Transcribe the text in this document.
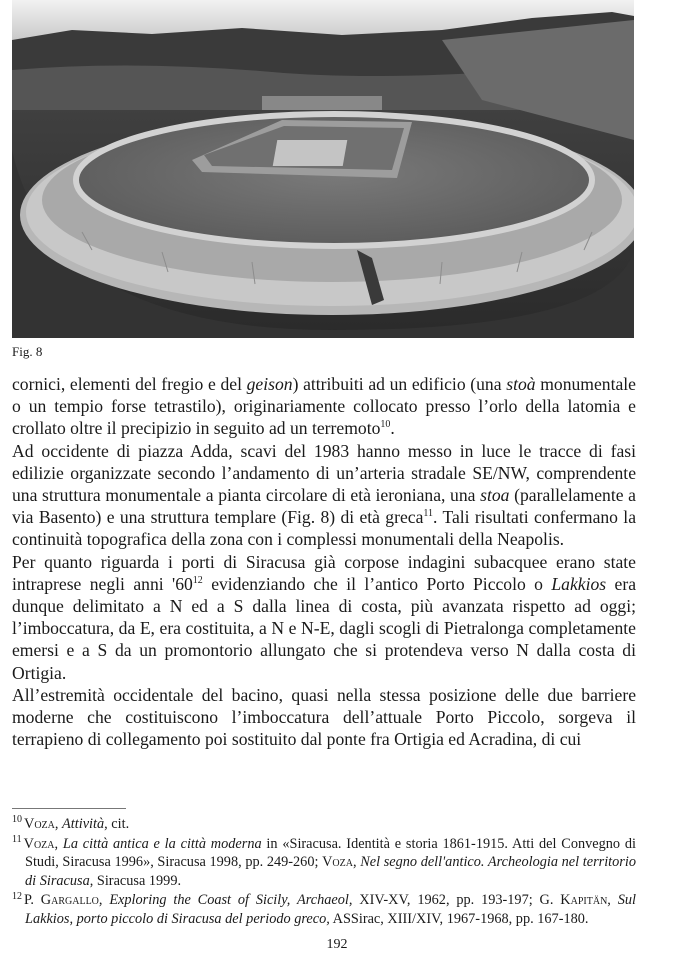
Fig. 8

cornici, elementi del fregio e del geison) attribuiti ad un edificio (una stoà monumentale o un tempio forse tetrastilo), originariamente collocato presso l’orlo della latomia e crollato oltre il precipizio in seguito ad un terremoto$^{10}$.

Ad occidente di piazza Adda, scavi del 1983 hanno messo in luce le tracce di fasi edilizie organizzate secondo l’andamento di un’arteria stradale SE/NW, comprendente una struttura monumentale a pianta circolare di età ieroniana, una stoa (parallelamente a via Basento) e una struttura templare (Fig. 8) di età greca$^{11}$. Tali risultati confermano la continuità topografica della zona con i complessi monumentali della Neapolis.

Per quanto riguarda i porti di Siracusa già corpose indagini subacquee erano state intraprese negli anni '$60^{12}$ evidenziando che il l’antico Porto Piccolo o Lakkios era dunque delimitato a N ed a S dalla linea di costa, più avanzata rispetto ad oggi; l’imboccatura, da E, era costituita, a N e N-E, dagli scogli di Pietralonga completamente emersi e a S da un promontorio allungato che si protendeva verso N dalla costa di Ortigia.

All’estremità occidentale del bacino, quasi nella stessa posizione delle due barriere moderne che costituiscono l’imboccatura dell’attuale Porto Piccolo, sorgeva il terrapieno di collegamento poi sostituito dal ponte fra Ortigia ed Acradina, di cui

$^{10}$ Voza, Attività, cit.

$^{11}$ Voza, La città antica e la città moderna in «Siracusa. Identità e storia 1861-1915. Atti del Convegno di Studi, Siracusa 1996», Siracusa 1998, pp. 249-260; Voza, Nel segno dell'antico. Archeologia nel territorio di Siracusa, Siracusa 1999.

$^{12}$ P. Gargallo, Exploring the Coast of Sicily, Archaeol, XIV-XV, 1962, pp. 193-197; G. Kapitän, Sul Lakkios, porto piccolo di Siracusa del periodo greco, ASSirac, XIII/XIV, 1967-1968, pp. 167-180.

192
